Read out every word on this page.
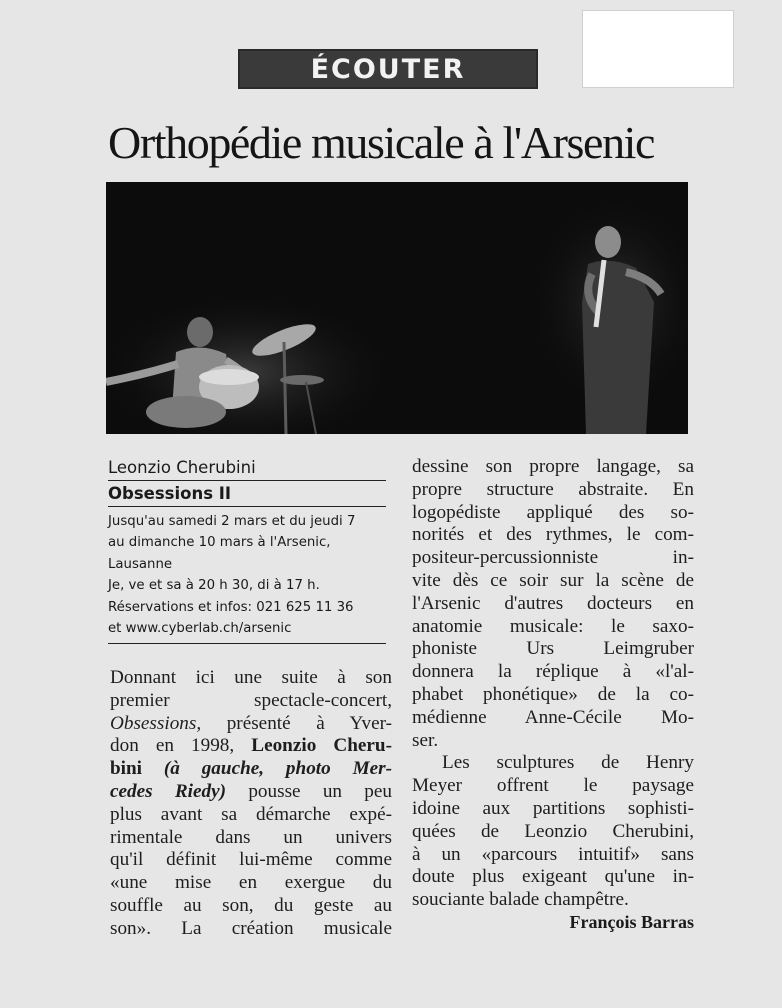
ÉCOUTER
Orthopédie musicale à l'Arsenic
Leonzio Cherubini
Obsessions II
Jusqu'au samedi 2 mars et du jeudi 7
au dimanche 10 mars à l'Arsenic,
Lausanne
Je, ve et sa à 20 h 30, di à 17 h.
Réservations et infos: 021 625 11 36
et www.cyberlab.ch/arsenic
Donnant ici une suite à son
premier spectacle-concert,
Obsessions, présenté à Yver-
don en 1998, Leonzio Cheru-
bini (à gauche, photo Mer-
cedes Riedy) pousse un peu
plus avant sa démarche expé-
rimentale dans un univers
qu'il définit lui-même comme
«une mise en exergue du
souffle au son, du geste au
son». La création musicale
dessine son propre langage, sa
propre structure abstraite. En
logopédiste appliqué des so-
norités et des rythmes, le com-
positeur-percussionniste in-
vite dès ce soir sur la scène de
l'Arsenic d'autres docteurs en
anatomie musicale: le saxo-
phoniste Urs Leimgruber
donnera la réplique à «l'al-
phabet phonétique» de la co-
médienne Anne-Cécile Mo-
ser.
Les sculptures de Henry
Meyer offrent le paysage
idoine aux partitions sophisti-
quées de Leonzio Cherubini,
à un «parcours intuitif» sans
doute plus exigeant qu'une in-
souciante balade champêtre.
François Barras
